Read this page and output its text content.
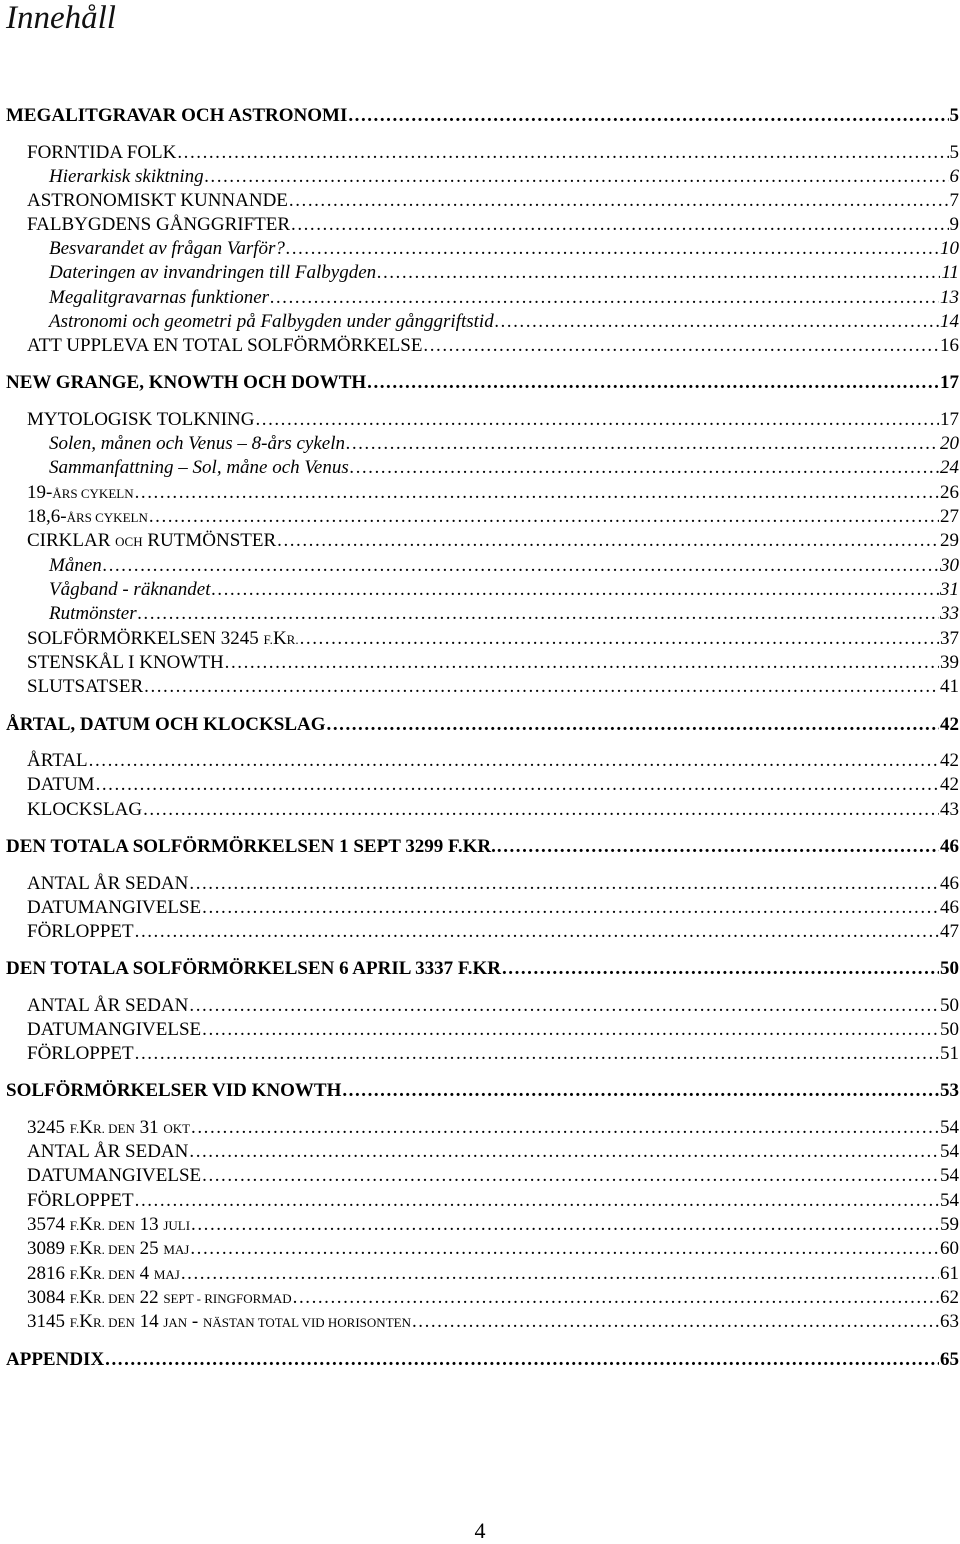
Innehåll
MEGALITGRAVAR OCH ASTRONOMI . . .	5
FORNTIDA FOLK . . .	5
Hierarkisk skiktning . . .	6
ASTRONOMISKT KUNNANDE . . .	7
FALBYGDENS GÅNGGRIFTER . . .	9
Besvarandet av frågan Varför? . . .	10
Dateringen av invandringen till Falbygden . . .	11
Megalitgravarnas funktioner . . .	13
Astronomi och geometri på Falbygden under gånggriftstid . . .	14
ATT UPPLEVA EN TOTAL SOLFÖRMÖRKELSE . . .	16
NEW GRANGE, KNOWTH OCH DOWTH . . .	17
MYTOLOGISK TOLKNING . . .	17
Solen, månen och Venus – 8-års cykeln . . .	20
Sammanfattning – Sol, måne och Venus . . .	24
19-ÅRS CYKELN . . .	26
18,6-ÅRS CYKELN . . .	27
CIRKLAR OCH RUTMÖNSTER . . .	29
Månen . . .	30
Vågband - räknandet . . .	31
Rutmönster . . .	33
SOLFÖRMÖRKELSEN 3245 F.KR. . . .	37
STENSKÅL I KNOWTH . . .	39
SLUTSATSER . . .	41
ÅRTAL, DATUM OCH KLOCKSLAG . . .	42
ÅRTAL . . .	42
DATUM . . .	42
KLOCKSLAG . . .	43
DEN TOTALA SOLFÖRMÖRKELSEN 1 SEPT 3299 F.KR. . . .	46
ANTAL ÅR SEDAN . . .	46
DATUMANGIVELSE . . .	46
FÖRLOPPET . . .	47
DEN TOTALA SOLFÖRMÖRKELSEN 6 APRIL 3337 F.KR . . .	50
ANTAL ÅR SEDAN . . .	50
DATUMANGIVELSE . . .	50
FÖRLOPPET . . .	51
SOLFÖRMÖRKELSER VID KNOWTH . . .	53
3245 F.KR. DEN 31 OKT . . .	54
ANTAL ÅR SEDAN . . .	54
DATUMANGIVELSE . . .	54
FÖRLOPPET . . .	54
3574 F.KR. DEN 13 JULI . . .	59
3089 F.KR. DEN 25 MAJ . . .	60
2816 F.KR. DEN 4 MAJ . . .	61
3084 F.KR. DEN 22 SEPT - RINGFORMAD . . .	62
3145 F.KR. DEN 14 JAN - NÄSTAN TOTAL VID HORISONTEN . . .	63
APPENDIX . . .	65
4
